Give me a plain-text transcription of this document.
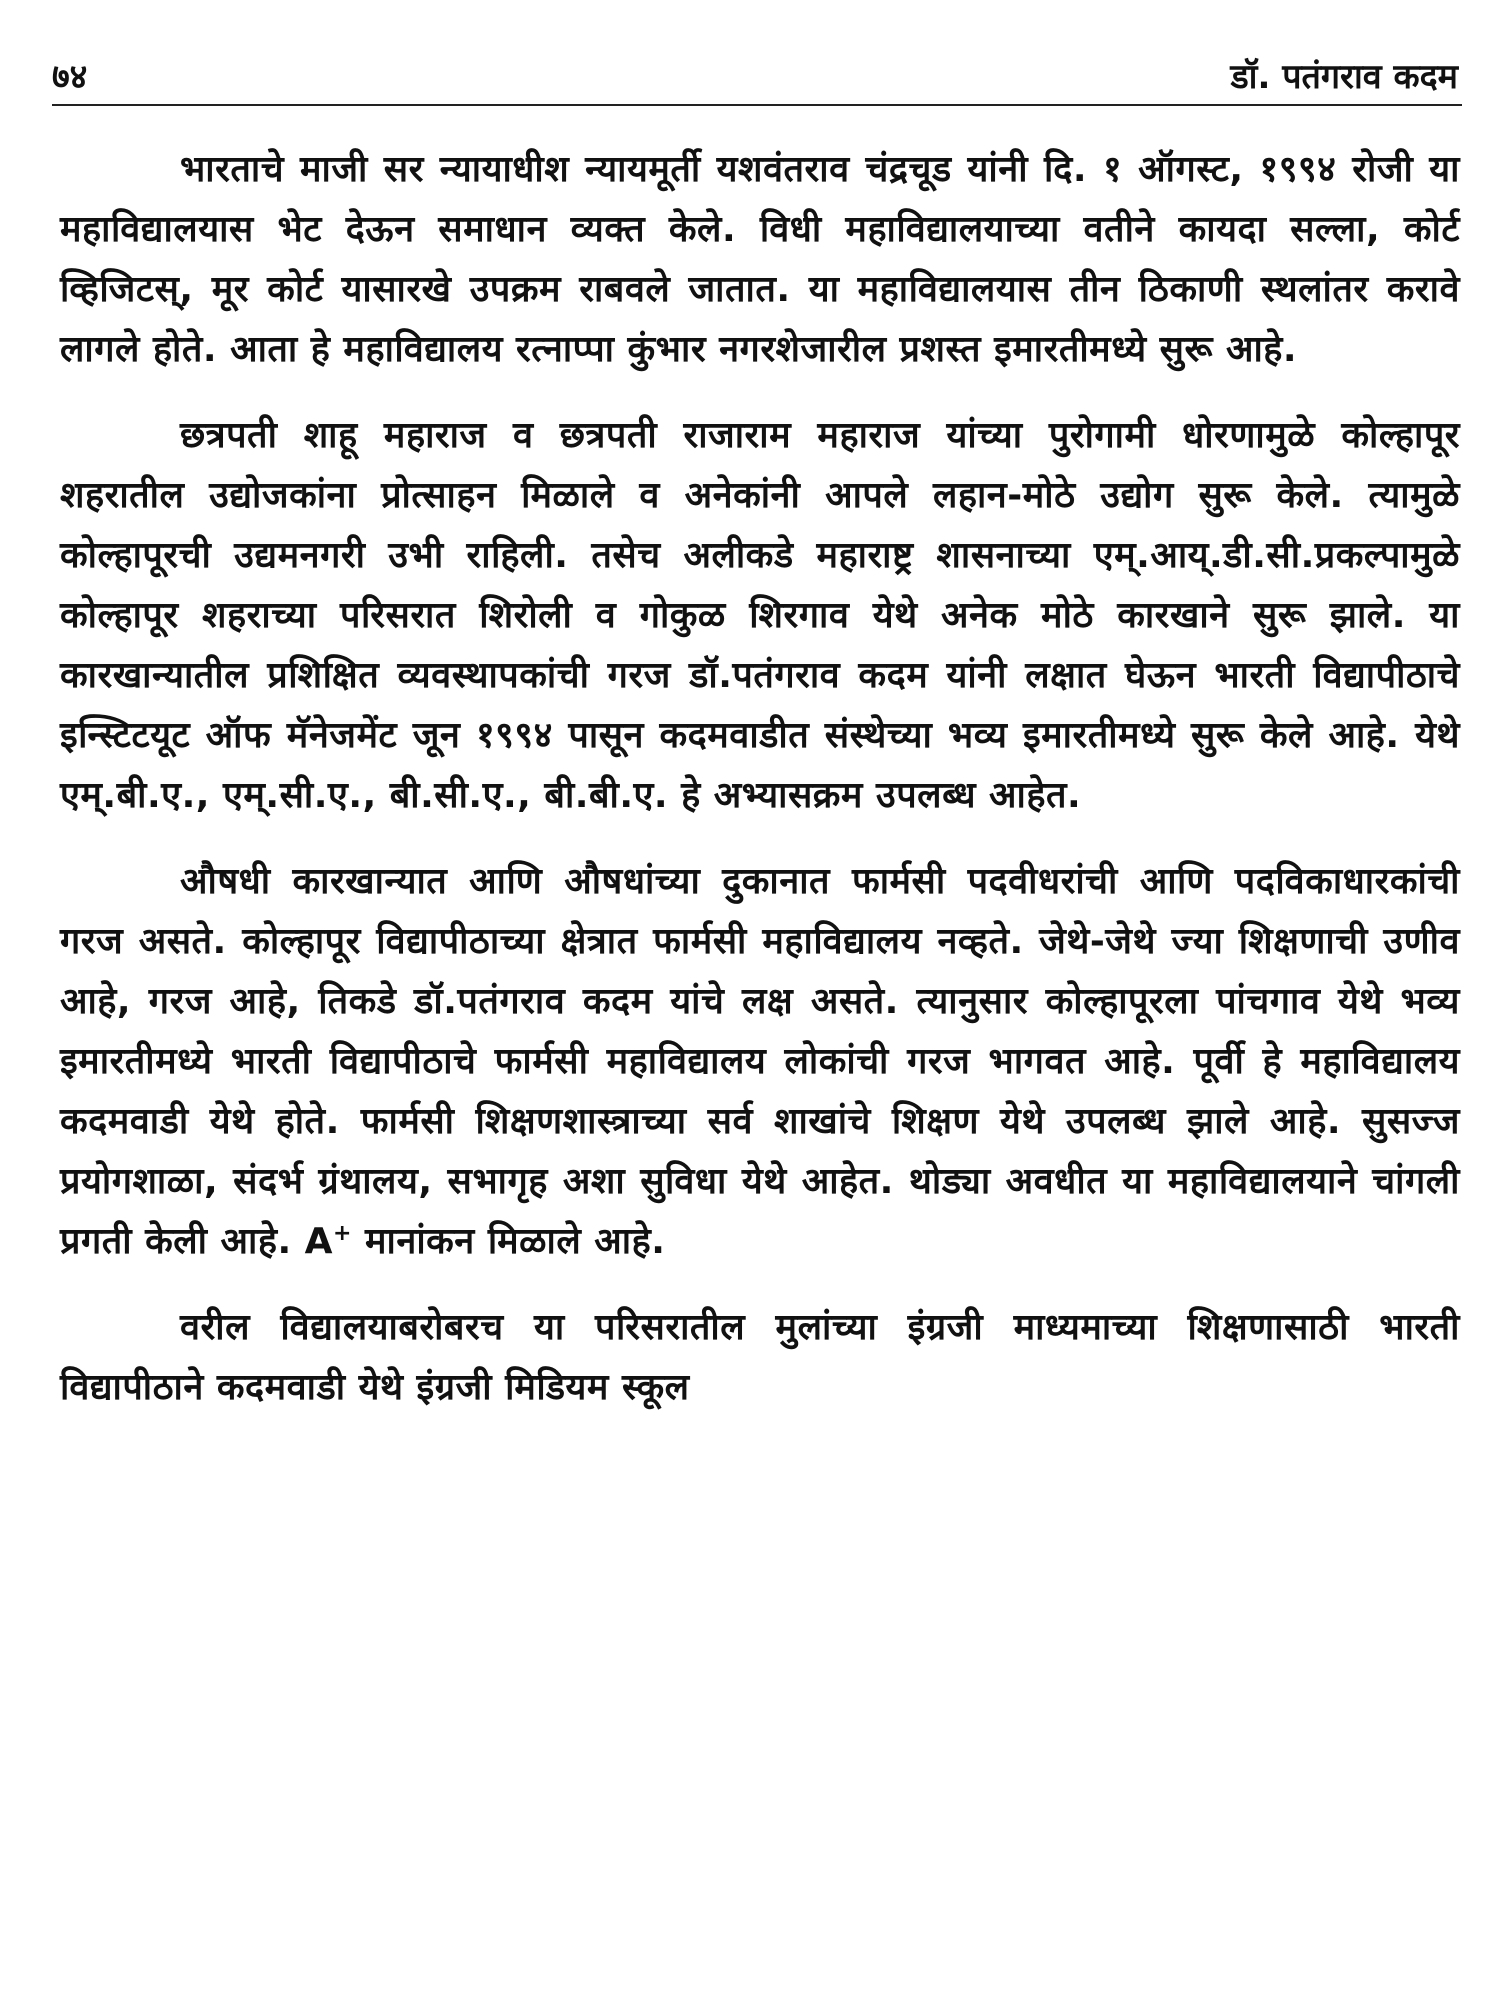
७४	डॉ. पतंगराव कदम

भारताचे माजी सर न्यायाधीश न्यायमूर्ती यशवंतराव चंद्रचूड यांनी दि. १ ऑगस्ट, १९९४ रोजी या महाविद्यालयास भेट देऊन समाधान व्यक्त केले. विधी महाविद्यालयाच्या वतीने कायदा सल्ला, कोर्ट व्हिजिटस्, मूर कोर्ट यासारखे उपक्रम राबवले जातात. या महाविद्यालयास तीन ठिकाणी स्थलांतर करावे लागले होते. आता हे महाविद्यालय रत्नाप्पा कुंभार नगरशेजारील प्रशस्त इमारतीमध्ये सुरू आहे.

छत्रपती शाहू महाराज व छत्रपती राजाराम महाराज यांच्या पुरोगामी धोरणामुळे कोल्हापूर शहरातील उद्योजकांना प्रोत्साहन मिळाले व अनेकांनी आपले लहान-मोठे उद्योग सुरू केले. त्यामुळे कोल्हापूरची उद्यमनगरी उभी राहिली. तसेच अलीकडे महाराष्ट्र शासनाच्या एम्.आय्.डी.सी.प्रकल्पामुळे कोल्हापूर शहराच्या परिसरात शिरोली व गोकुळ शिरगाव येथे अनेक मोठे कारखाने सुरू झाले. या कारखान्यातील प्रशिक्षित व्यवस्थापकांची गरज डॉ.पतंगराव कदम यांनी लक्षात घेऊन भारती विद्यापीठाचे इन्स्टिटयूट ऑफ मॅनेजमेंट जून १९९४ पासून कदमवाडीत संस्थेच्या भव्य इमारतीमध्ये सुरू केले आहे. येथे एम्.बी.ए., एम्.सी.ए., बी.सी.ए., बी.बी.ए. हे अभ्यासक्रम उपलब्ध आहेत.

औषधी कारखान्यात आणि औषधांच्या दुकानात फार्मसी पदवीधरांची आणि पदविकाधारकांची गरज असते. कोल्हापूर विद्यापीठाच्या क्षेत्रात फार्मसी महाविद्यालय नव्हते. जेथे-जेथे ज्या शिक्षणाची उणीव आहे, गरज आहे, तिकडे डॉ.पतंगराव कदम यांचे लक्ष असते. त्यानुसार कोल्हापूरला पांचगाव येथे भव्य इमारतीमध्ये भारती विद्यापीठाचे फार्मसी महाविद्यालय लोकांची गरज भागवत आहे. पूर्वी हे महाविद्यालय कदमवाडी येथे होते. फार्मसी शिक्षणशास्त्राच्या सर्व शाखांचे शिक्षण येथे उपलब्ध झाले आहे. सुसज्ज प्रयोगशाळा, संदर्भ ग्रंथालय, सभागृह अशा सुविधा येथे आहेत. थोड्या अवधीत या महाविद्यालयाने चांगली प्रगती केली आहे. A+ मानांकन मिळाले आहे.

वरील विद्यालयाबरोबरच या परिसरातील मुलांच्या इंग्रजी माध्यमाच्या शिक्षणासाठी भारती विद्यापीठाने कदमवाडी येथे इंग्रजी मिडियम स्कूल
